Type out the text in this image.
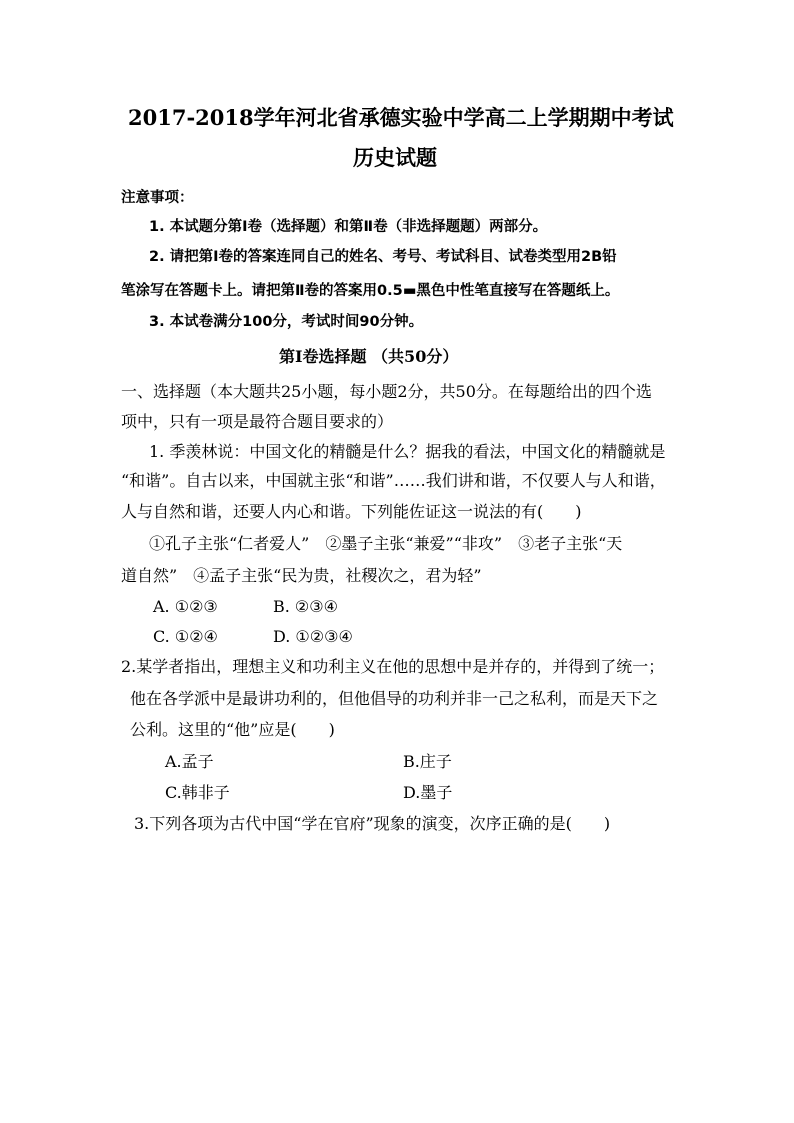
2017-2018学年河北省承德实验中学高二上学期期中考试
历史试题
注意事项：
1. 本试题分第Ⅰ卷（选择题）和第Ⅱ卷（非选择题题）两部分。
2. 请把第Ⅰ卷的答案连同自己的姓名、考号、考试科目、试卷类型用2B铅
笔涂写在答题卡上。请把第Ⅱ卷的答案用0.5▬黑色中性笔直接写在答题纸上。
3. 本试卷满分100分，考试时间90分钟。
第Ⅰ卷选择题 （共50分）
一、选择题（本大题共25小题，每小题2分，共50分。在每题给出的四个选
项中，只有一项是最符合题目要求的）
1. 季羡林说：中国文化的精髓是什么？据我的看法，中国文化的精髓就是
“和谐”。自古以来，中国就主张“和谐”……我们讲和谐，不仅要人与人和谐，
人与自然和谐，还要人内心和谐。下列能佐证这一说法的有(　　)
①孔子主张“仁者爱人”　②墨子主张“兼爱”“非攻”　③老子主张“天
道自然”　④孟子主张“民为贵，社稷次之，君为轻”
A. ①②③	B. ②③④
C. ①②④	D. ①②③④
2.某学者指出，理想主义和功利主义在他的思想中是并存的，并得到了统一；
他在各学派中是最讲功利的，但他倡导的功利并非一己之私利，而是天下之
公利。这里的“他”应是(　　)
A.孟子	B.庄子
C.韩非子	D.墨子
3.下列各项为古代中国“学在官府”现象的演变，次序正确的是(　　)
